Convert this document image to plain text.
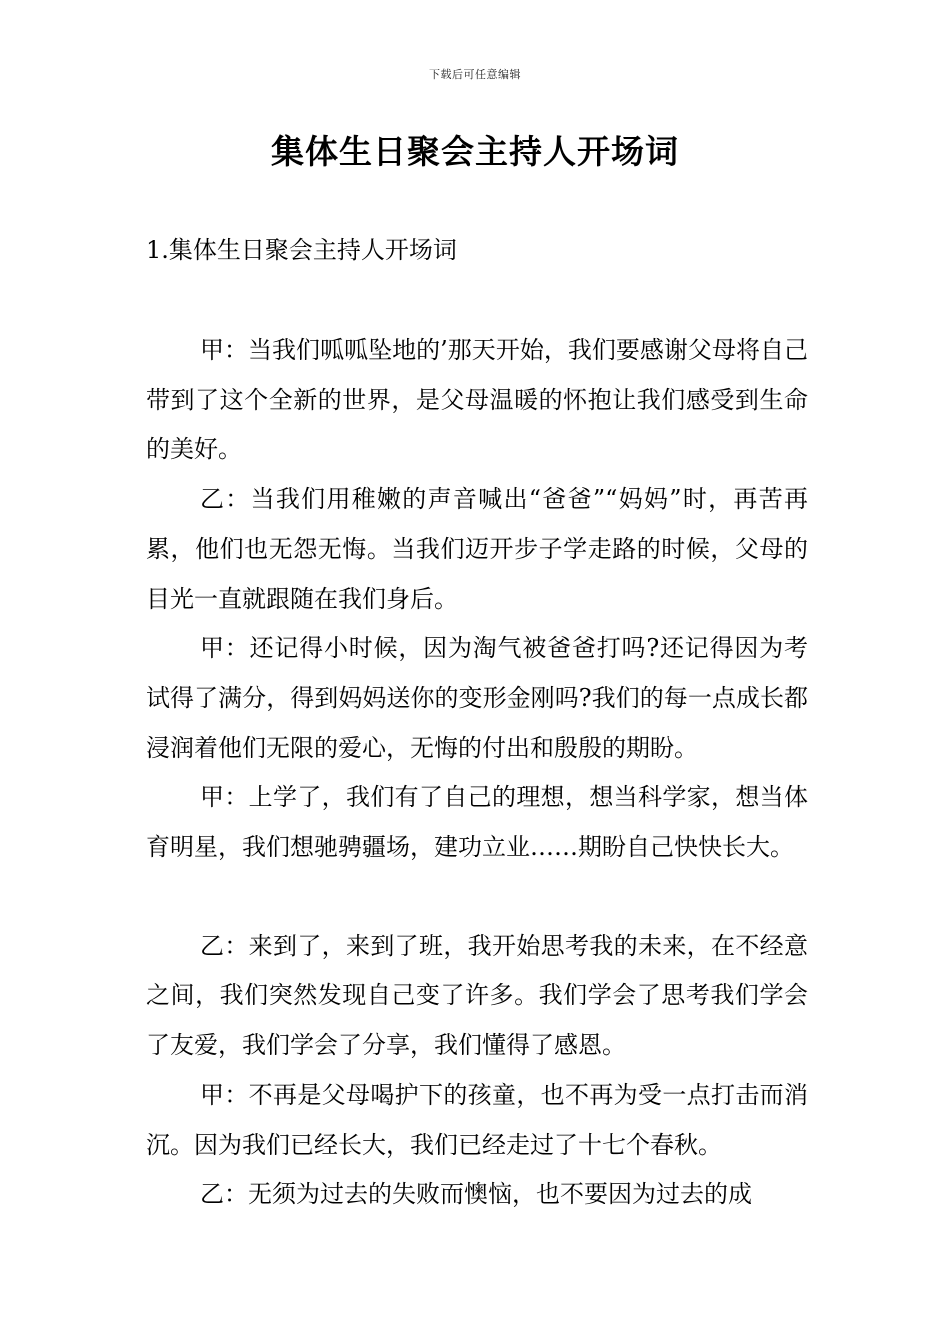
下载后可任意编辑
集体生日聚会主持人开场词
1.集体生日聚会主持人开场词

甲：当我们呱呱坠地的’那天开始，我们要感谢父母将自己带到了这个全新的世界，是父母温暖的怀抱让我们感受到生命的美好。

乙：当我们用稚嫩的声音喊出“爸爸”“妈妈”时，再苦再累，他们也无怨无悔。当我们迈开步子学走路的时候，父母的目光一直就跟随在我们身后。

甲：还记得小时候，因为淘气被爸爸打吗?还记得因为考试得了满分，得到妈妈送你的变形金刚吗?我们的每一点成长都浸润着他们无限的爱心，无悔的付出和殷殷的期盼。

甲：上学了，我们有了自己的理想，想当科学家，想当体育明星，我们想驰骋疆场，建功立业……期盼自己快快长大。

乙：来到了，来到了班，我开始思考我的未来，在不经意之间，我们突然发现自己变了许多。我们学会了思考我们学会了友爱，我们学会了分享，我们懂得了感恩。

甲：不再是父母喝护下的孩童，也不再为受一点打击而消沉。因为我们已经长大，我们已经走过了十七个春秋。

乙：无须为过去的失败而懊恼，也不要因为过去的成
